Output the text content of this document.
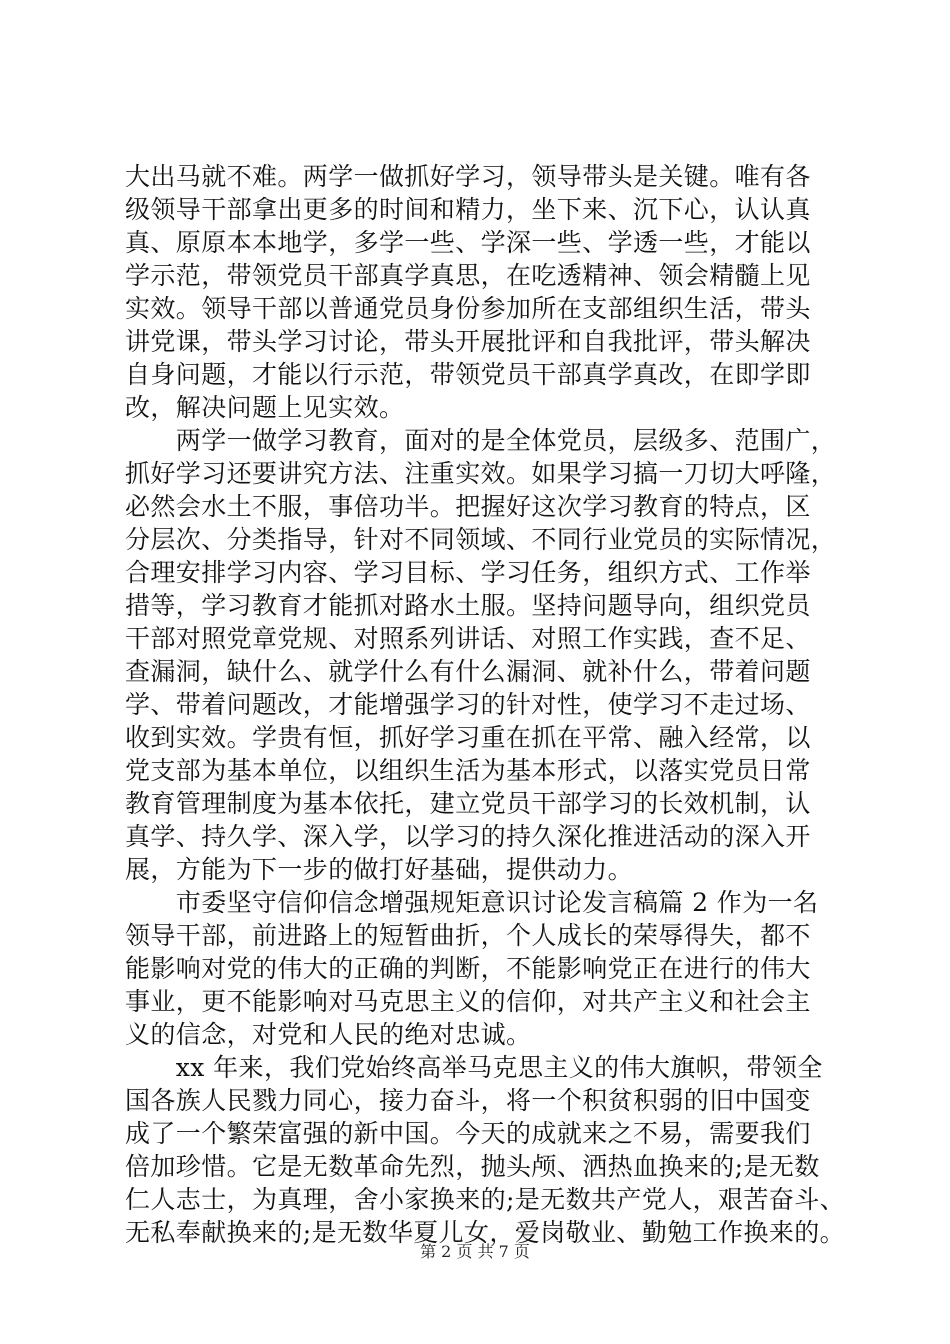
大出马就不难。两学一做抓好学习，领导带头是关键。唯有各
级领导干部拿出更多的时间和精力，坐下来、沉下心，认认真
真、原原本本地学，多学一些、学深一些、学透一些，才能以
学示范，带领党员干部真学真思，在吃透精神、领会精髓上见
实效。领导干部以普通党员身份参加所在支部组织生活，带头
讲党课，带头学习讨论，带头开展批评和自我批评，带头解决
自身问题，才能以行示范，带领党员干部真学真改，在即学即
改，解决问题上见实效。
　　两学一做学习教育，面对的是全体党员，层级多、范围广，
抓好学习还要讲究方法、注重实效。如果学习搞一刀切大呼隆，
必然会水土不服，事倍功半。把握好这次学习教育的特点，区
分层次、分类指导，针对不同领域、不同行业党员的实际情况，
合理安排学习内容、学习目标、学习任务，组织方式、工作举
措等，学习教育才能抓对路水土服。坚持问题导向，组织党员
干部对照党章党规、对照系列讲话、对照工作实践，查不足、
查漏洞，缺什么、就学什么有什么漏洞、就补什么，带着问题
学、带着问题改，才能增强学习的针对性，使学习不走过场、
收到实效。学贵有恒，抓好学习重在抓在平常、融入经常，以
党支部为基本单位，以组织生活为基本形式，以落实党员日常
教育管理制度为基本依托，建立党员干部学习的长效机制，认
真学、持久学、深入学，以学习的持久深化推进活动的深入开
展，方能为下一步的做打好基础，提供动力。
　　市委坚守信仰信念增强规矩意识讨论发言稿篇 2 作为一名
领导干部，前进路上的短暂曲折，个人成长的荣辱得失，都不
能影响对党的伟大的正确的判断，不能影响党正在进行的伟大
事业，更不能影响对马克思主义的信仰，对共产主义和社会主
义的信念，对党和人民的绝对忠诚。
　　xx 年来，我们党始终高举马克思主义的伟大旗帜，带领全
国各族人民戮力同心，接力奋斗，将一个积贫积弱的旧中国变
成了一个繁荣富强的新中国。今天的成就来之不易，需要我们
倍加珍惜。它是无数革命先烈，抛头颅、洒热血换来的;是无数
仁人志士，为真理，舍小家换来的;是无数共产党人，艰苦奋斗、
无私奉献换来的;是无数华夏儿女，爱岗敬业、勤勉工作换来的。
第 2 页 共 7 页
